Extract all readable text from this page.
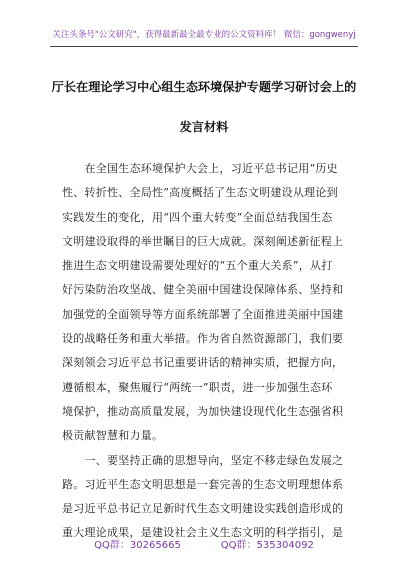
关注头条号"公文研究"，获得最新最全最专业的公文资料库！ 微信：gongwenyj
厅长在理论学习中心组生态环境保护专题学习研讨会上的
发言材料
　　在全国生态环境保护大会上，习近平总书记用“历史
性、转折性、全局性”高度概括了生态文明建设从理论到
实践发生的变化，用“四个重大转变”全面总结我国生态
文明建设取得的举世瞩目的巨大成就。深刻阐述新征程上
推进生态文明建设需要处理好的“五个重大关系”，从打
好污染防治攻坚战、健全美丽中国建设保障体系、坚持和
加强党的全面领导等方面系统部署了全面推进美丽中国建
设的战略任务和重大举措。作为省自然资源部门，我们要
深刻领会习近平总书记重要讲话的精神实质，把握方向，
遵循根本，聚焦履行“两统一”职责，进一步加强生态环
境保护，推动高质量发展，为加快建设现代化生态强省积
极贡献智慧和力量。
　　一、要坚持正确的思想导向，坚定不移走绿色发展之
路。习近平生态文明思想是一套完善的生态文明理想体系
是习近平总书记立足新时代生态文明建设实践创造形成的
重大理论成果，是建设社会主义生态文明的科学指引，是
QQ群：30265665　　　　QQ群：535304092
